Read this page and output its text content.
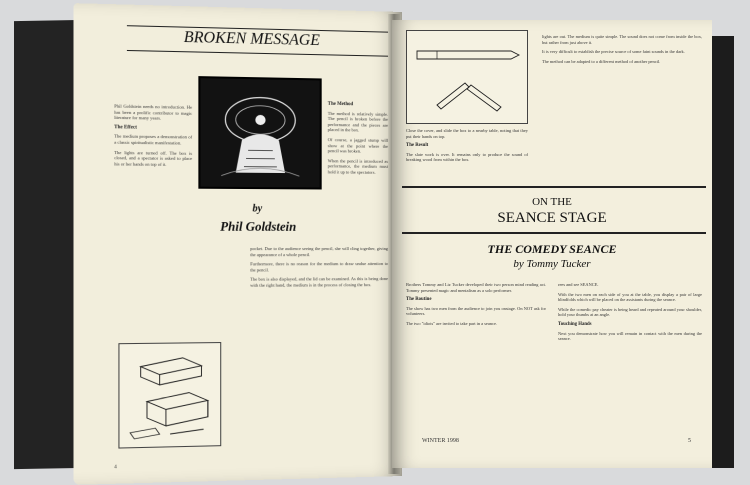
BROKEN MESSAGE

Phil Goldstein needs no introduction. He has been a prolific contributor to magic literature for many years.

The Effect

The medium proposes a demonstration of a classic spiritualistic manifestation.

The lights are turned off. The box is closed, and a spectator is asked to place his or her hands on top of it.

by

Phil Goldstein

The Method

The method is relatively simple. The pencil is broken before the performance and the pieces are placed in the box.

Of course, a jagged stump will show at the point where the pencil was broken.

When the pencil is introduced as performance, the medium must hold it up to the spectators.

pocket. Due to the audience seeing the pencil, she will cling together, giving the appearance of a whole pencil.

Furthermore, there is no reason for the medium to draw undue attention to the pencil.

The box is also displayed, and the lid can be examined. As this is being done with the right hand, the medium is in the process of closing the box.

4

Close the cover, and slide the box to a nearby table, noting that they put their hands on top.

The Result

The slate work is over. It remains only to produce the sound of breaking wood from within the box.

lights are out. The medium is quite simple. The sound does not come from inside the box, but rather from just above it.

It is very difficult to establish the precise source of some faint sounds in the dark.

The method can be adapted to a different method of another pencil.

ON THE

SEANCE STAGE

THE COMEDY SEANCE

by Tommy Tucker

Brothers Tommy and Liz Tucker developed their two person mind reading act. Tommy presented magic and mentalism as a solo performer.

The Routine

The show has two men from the audience to join you onstage. On NOT ask for volunteers.

The two "idiots" are invited to take part in a seance.

rees and see SEANCE.

With the two men on each side of you at the table, you display a pair of large blindfolds which will be placed on the assistants during the seance.

While the comedic pay cheater is being heard and repeated around your shoulder, hold your thumbs at an angle.

Touching Hands

Next you demonstrate how you will remain in contact with the men during the seance.

WINTER 1998	5
